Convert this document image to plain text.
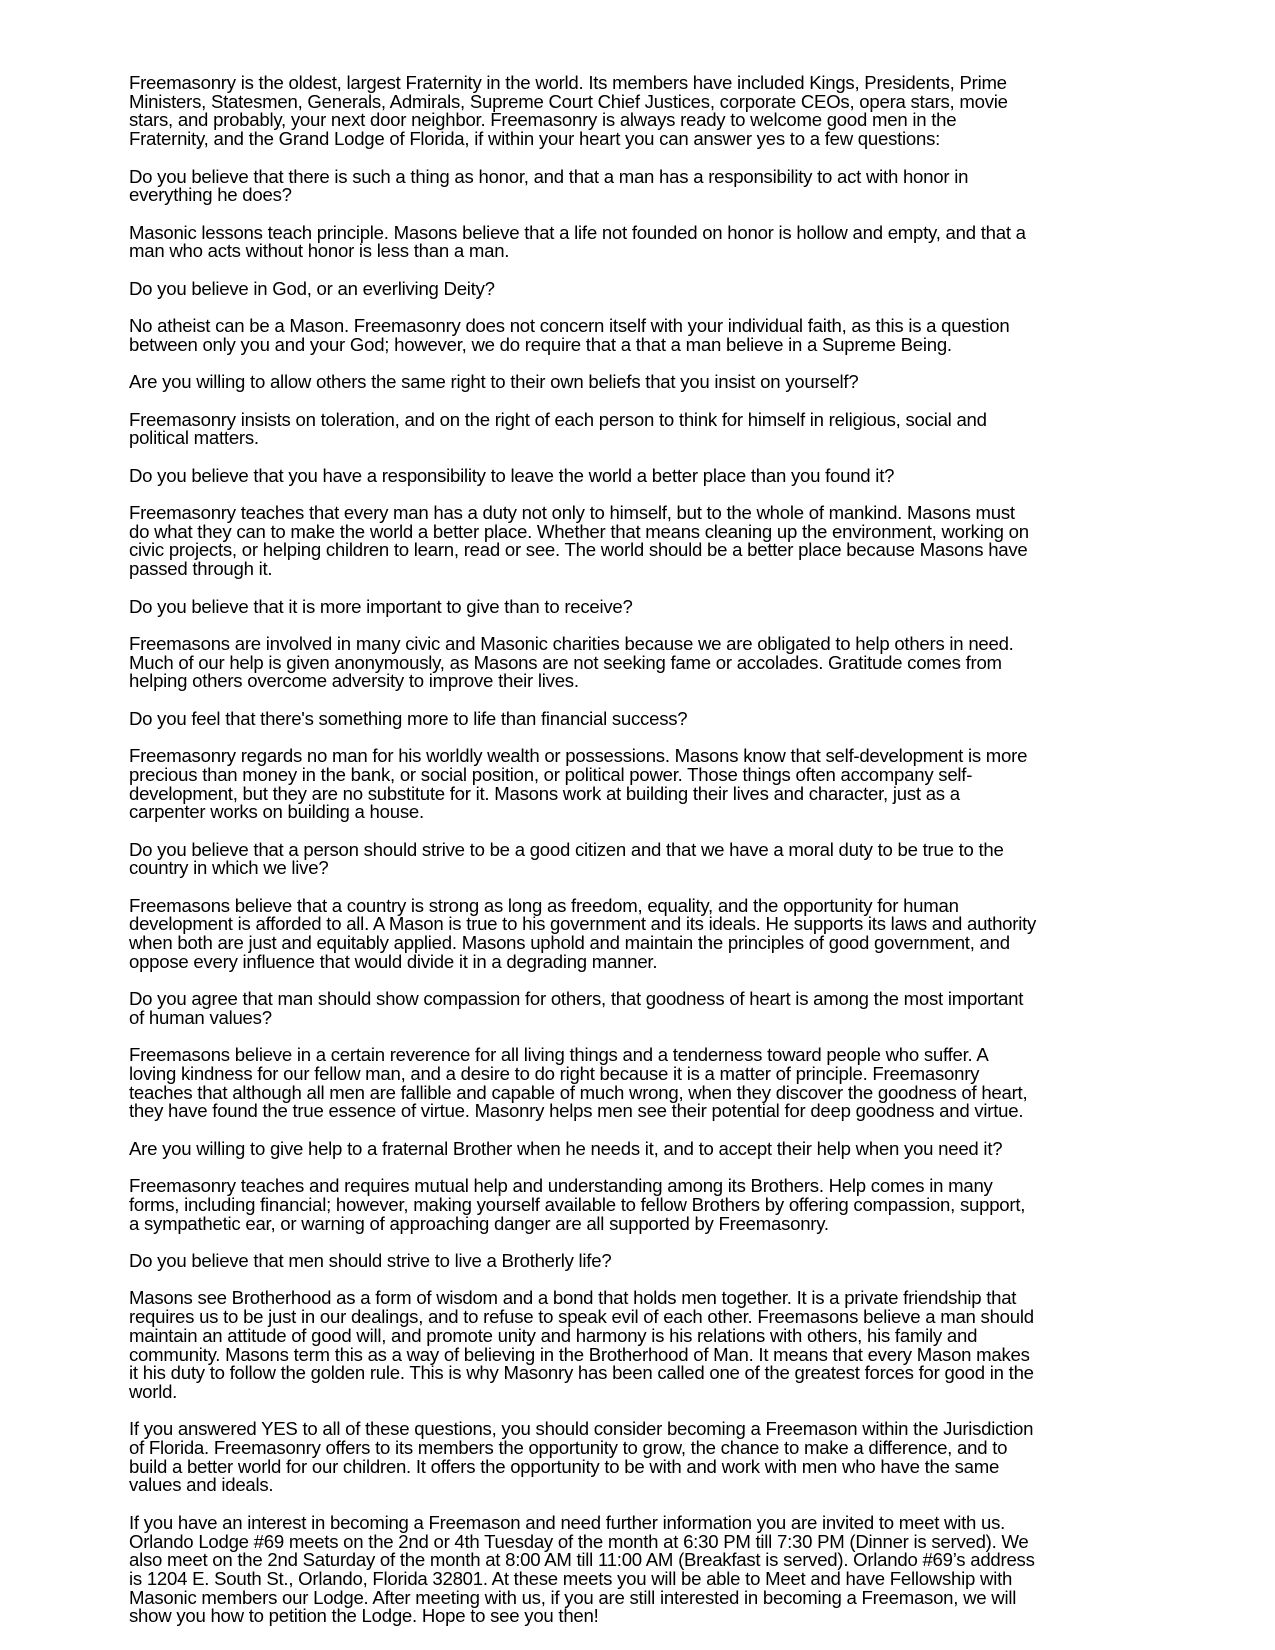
Freemasonry is the oldest, largest Fraternity in the world. Its members have included Kings, Presidents, Prime
Ministers, Statesmen, Generals, Admirals, Supreme Court Chief Justices, corporate CEOs, opera stars, movie
stars, and probably, your next door neighbor. Freemasonry is always ready to welcome good men in the
Fraternity, and the Grand Lodge of Florida, if within your heart you can answer yes to a few questions:
Do you believe that there is such a thing as honor, and that a man has a responsibility to act with honor in
everything he does?
Masonic lessons teach principle. Masons believe that a life not founded on honor is hollow and empty, and that a
man who acts without honor is less than a man.
Do you believe in God, or an everliving Deity?
No atheist can be a Mason. Freemasonry does not concern itself with your individual faith, as this is a question
between only you and your God; however, we do require that a that a man believe in a Supreme Being.
Are you willing to allow others the same right to their own beliefs that you insist on yourself?
Freemasonry insists on toleration, and on the right of each person to think for himself in religious, social and
political matters.
Do you believe that you have a responsibility to leave the world a better place than you found it?
Freemasonry teaches that every man has a duty not only to himself, but to the whole of mankind. Masons must
do what they can to make the world a better place. Whether that means cleaning up the environment, working on
civic projects, or helping children to learn, read or see. The world should be a better place because Masons have
passed through it.
Do you believe that it is more important to give than to receive?
Freemasons are involved in many civic and Masonic charities because we are obligated to help others in need.
Much of our help is given anonymously, as Masons are not seeking fame or accolades. Gratitude comes from
helping others overcome adversity to improve their lives.
Do you feel that there's something more to life than financial success?
Freemasonry regards no man for his worldly wealth or possessions. Masons know that self-development is more
precious than money in the bank, or social position, or political power. Those things often accompany self-
development, but they are no substitute for it. Masons work at building their lives and character, just as a
carpenter works on building a house.
Do you believe that a person should strive to be a good citizen and that we have a moral duty to be true to the
country in which we live?
Freemasons believe that a country is strong as long as freedom, equality, and the opportunity for human
development is afforded to all. A Mason is true to his government and its ideals. He supports its laws and authority
when both are just and equitably applied. Masons uphold and maintain the principles of good government, and
oppose every influence that would divide it in a degrading manner.
Do you agree that man should show compassion for others, that goodness of heart is among the most important
of human values?
Freemasons believe in a certain reverence for all living things and a tenderness toward people who suffer. A
loving kindness for our fellow man, and a desire to do right because it is a matter of principle. Freemasonry
teaches that although all men are fallible and capable of much wrong, when they discover the goodness of heart,
they have found the true essence of virtue. Masonry helps men see their potential for deep goodness and virtue.
Are you willing to give help to a fraternal Brother when he needs it, and to accept their help when you need it?
Freemasonry teaches and requires mutual help and understanding among its Brothers. Help comes in many
forms, including financial; however, making yourself available to fellow Brothers by offering compassion, support,
a sympathetic ear, or warning of approaching danger are all supported by Freemasonry.
Do you believe that men should strive to live a Brotherly life?
Masons see Brotherhood as a form of wisdom and a bond that holds men together. It is a private friendship that
requires us to be just in our dealings, and to refuse to speak evil of each other. Freemasons believe a man should
maintain an attitude of good will, and promote unity and harmony is his relations with others, his family and
community. Masons term this as a way of believing in the Brotherhood of Man. It means that every Mason makes
it his duty to follow the golden rule. This is why Masonry has been called one of the greatest forces for good in the
world.
If you answered YES to all of these questions, you should consider becoming a Freemason within the Jurisdiction
of Florida. Freemasonry offers to its members the opportunity to grow, the chance to make a difference, and to
build a better world for our children. It offers the opportunity to be with and work with men who have the same
values and ideals.
If you have an interest in becoming a Freemason and need further information you are invited to meet with us.
Orlando Lodge #69 meets on the 2nd or 4th Tuesday of the month at 6:30 PM till 7:30 PM (Dinner is served). We
also meet on the 2nd Saturday of the month at 8:00 AM till 11:00 AM (Breakfast is served). Orlando #69’s address
is 1204 E. South St., Orlando, Florida 32801. At these meets you will be able to Meet and have Fellowship with
Masonic members our Lodge. After meeting with us, if you are still interested in becoming a Freemason, we will
show you how to petition the Lodge. Hope to see you then!
